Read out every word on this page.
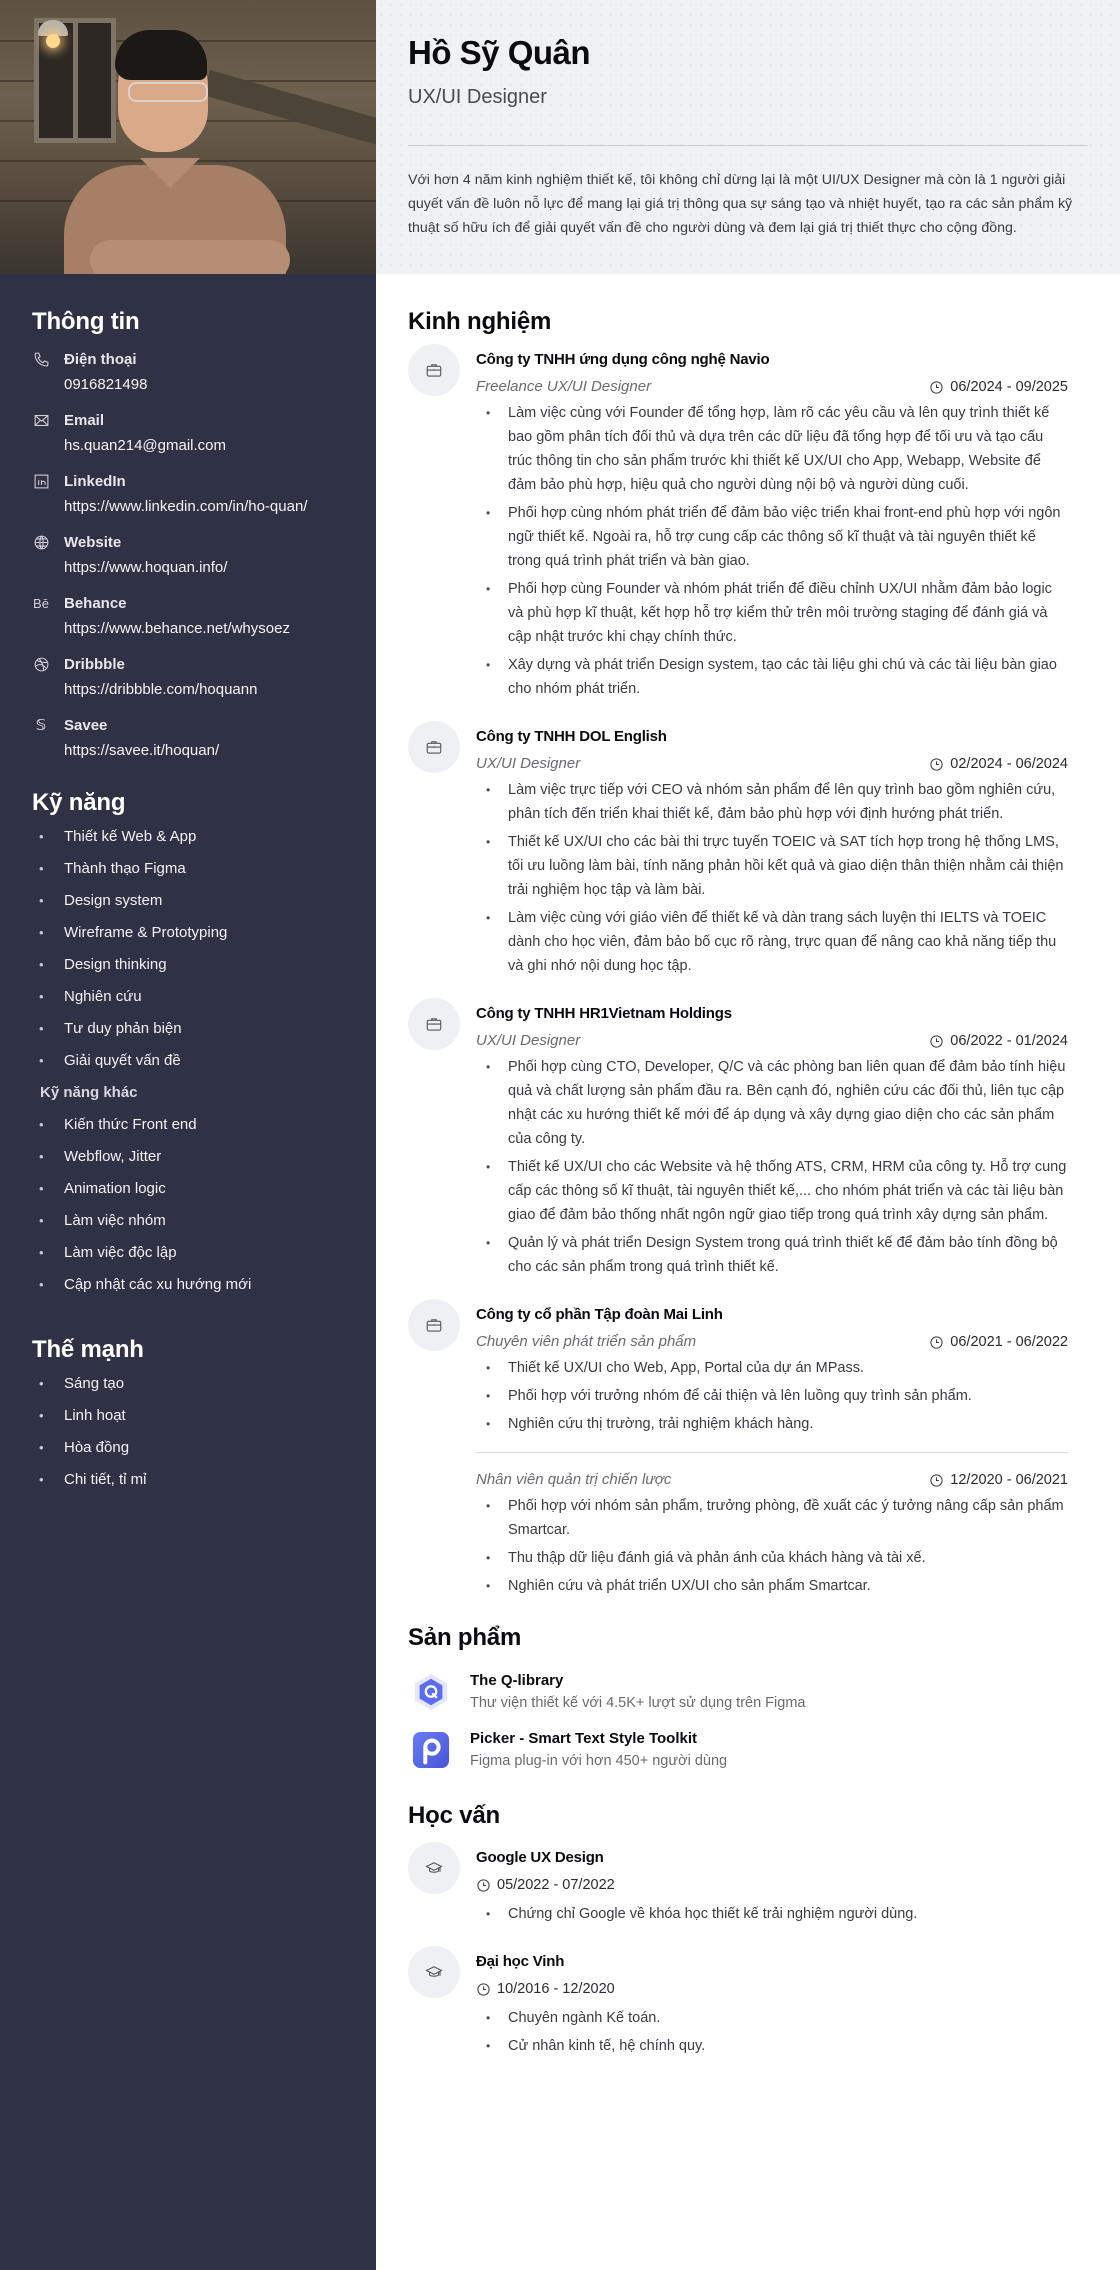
Thông tin
Điện thoại
0916821498
Email
hs.quan214@gmail.com
LinkedIn
https://www.linkedin.com/in/ho-quan/
Website
https://www.hoquan.info/
Bē Behance
https://www.behance.net/whysoez
Dribbble
https://dribbble.com/hoquann
𝕊 Savee
https://savee.it/hoquan/
Kỹ năng
• Thiết kế Web & App
• Thành thạo Figma
• Design system
• Wireframe & Prototyping
• Design thinking
• Nghiên cứu
• Tư duy phản biện
• Giải quyết vấn đề
Kỹ năng khác
• Kiến thức Front end
• Webflow, Jitter
• Animation logic
• Làm việc nhóm
• Làm việc độc lập
• Cập nhật các xu hướng mới
Thế mạnh
• Sáng tạo
• Linh hoạt
• Hòa đồng
• Chi tiết, tỉ mỉ
Hồ Sỹ Quân
UX/UI Designer

Với hơn 4 năm kinh nghiệm thiết kế, tôi không chỉ dừng lại là một UI/UX Designer mà còn là 1 người giải quyết vấn đề luôn nỗ lực để mang lại giá trị thông qua sự sáng tạo và nhiệt huyết, tạo ra các sản phẩm kỹ thuật số hữu ích để giải quyết vấn đề cho người dùng và đem lại giá trị thiết thực cho cộng đồng.

Kinh nghiệm
Công ty TNHH ứng dụng công nghệ Navio
Freelance UX/UI Designer	06/2024 - 09/2025
• Làm việc cùng với Founder để tổng hợp, làm rõ các yêu cầu và lên quy trình thiết kế bao gồm phân tích đối thủ và dựa trên các dữ liệu đã tổng hợp để tối ưu và tạo cấu trúc thông tin cho sản phẩm trước khi thiết kế UX/UI cho App, Webapp, Website để đảm bảo phù hợp, hiệu quả cho người dùng nội bộ và người dùng cuối.
• Phối hợp cùng nhóm phát triển để đảm bảo việc triển khai front-end phù hợp với ngôn ngữ thiết kế. Ngoài ra, hỗ trợ cung cấp các thông số kĩ thuật và tài nguyên thiết kế trong quá trình phát triển và bàn giao.
• Phối hợp cùng Founder và nhóm phát triển để điều chỉnh UX/UI nhằm đảm bảo logic và phù hợp kĩ thuật, kết hợp hỗ trợ kiểm thử trên môi trường staging để đánh giá và cập nhật trước khi chạy chính thức.
• Xây dựng và phát triển Design system, tạo các tài liệu ghi chú và các tài liệu bàn giao cho nhóm phát triển.
Công ty TNHH DOL English
UX/UI Designer	02/2024 - 06/2024
• Làm việc trực tiếp với CEO và nhóm sản phẩm để lên quy trình bao gồm nghiên cứu, phân tích đến triển khai thiết kế, đảm bảo phù hợp với định hướng phát triển.
• Thiết kế UX/UI cho các bài thi trực tuyến TOEIC và SAT tích hợp trong hệ thống LMS, tối ưu luồng làm bài, tính năng phản hồi kết quả và giao diện thân thiện nhằm cải thiện trải nghiệm học tập và làm bài.
• Làm việc cùng với giáo viên để thiết kế và dàn trang sách luyện thi IELTS và TOEIC dành cho học viên, đảm bảo bố cục rõ ràng, trực quan để nâng cao khả năng tiếp thu và ghi nhớ nội dung học tập.
Công ty TNHH HR1Vietnam Holdings
UX/UI Designer	06/2022 - 01/2024
• Phối hợp cùng CTO, Developer, Q/C và các phòng ban liên quan để đảm bảo tính hiệu quả và chất lượng sản phẩm đầu ra. Bên cạnh đó, nghiên cứu các đối thủ, liên tục cập nhật các xu hướng thiết kế mới để áp dụng và xây dựng giao diện cho các sản phẩm của công ty.
• Thiết kế UX/UI cho các Website và hệ thống ATS, CRM, HRM của công ty. Hỗ trợ cung cấp các thông số kĩ thuật, tài nguyên thiết kế,... cho nhóm phát triển và các tài liệu bàn giao để đảm bảo thống nhất ngôn ngữ giao tiếp trong quá trình xây dựng sản phẩm.
• Quản lý và phát triển Design System trong quá trình thiết kế để đảm bảo tính đồng bộ cho các sản phẩm trong quá trình thiết kế.
Công ty cổ phần Tập đoàn Mai Linh
Chuyên viên phát triển sản phẩm	06/2021 - 06/2022
• Thiết kế UX/UI cho Web, App, Portal của dự án MPass.
• Phối hợp với trưởng nhóm để cải thiện và lên luồng quy trình sản phẩm.
• Nghiên cứu thị trường, trải nghiệm khách hàng.
Nhân viên quản trị chiến lược	12/2020 - 06/2021
• Phối hợp với nhóm sản phẩm, trưởng phòng, đề xuất các ý tưởng nâng cấp sản phẩm Smartcar.
• Thu thập dữ liệu đánh giá và phản ánh của khách hàng và tài xế.
• Nghiên cứu và phát triển UX/UI cho sản phẩm Smartcar.
Sản phẩm
The Q-library
Thư viện thiết kế với 4.5K+ lượt sử dụng trên Figma
Picker - Smart Text Style Toolkit
Figma plug-in với hơn 450+ người dùng
Học vấn
Google UX Design
05/2022 - 07/2022
• Chứng chỉ Google về khóa học thiết kế trải nghiệm người dùng.
Đại học Vinh
10/2016 - 12/2020
• Chuyên ngành Kế toán.
• Cử nhân kinh tế, hệ chính quy.
